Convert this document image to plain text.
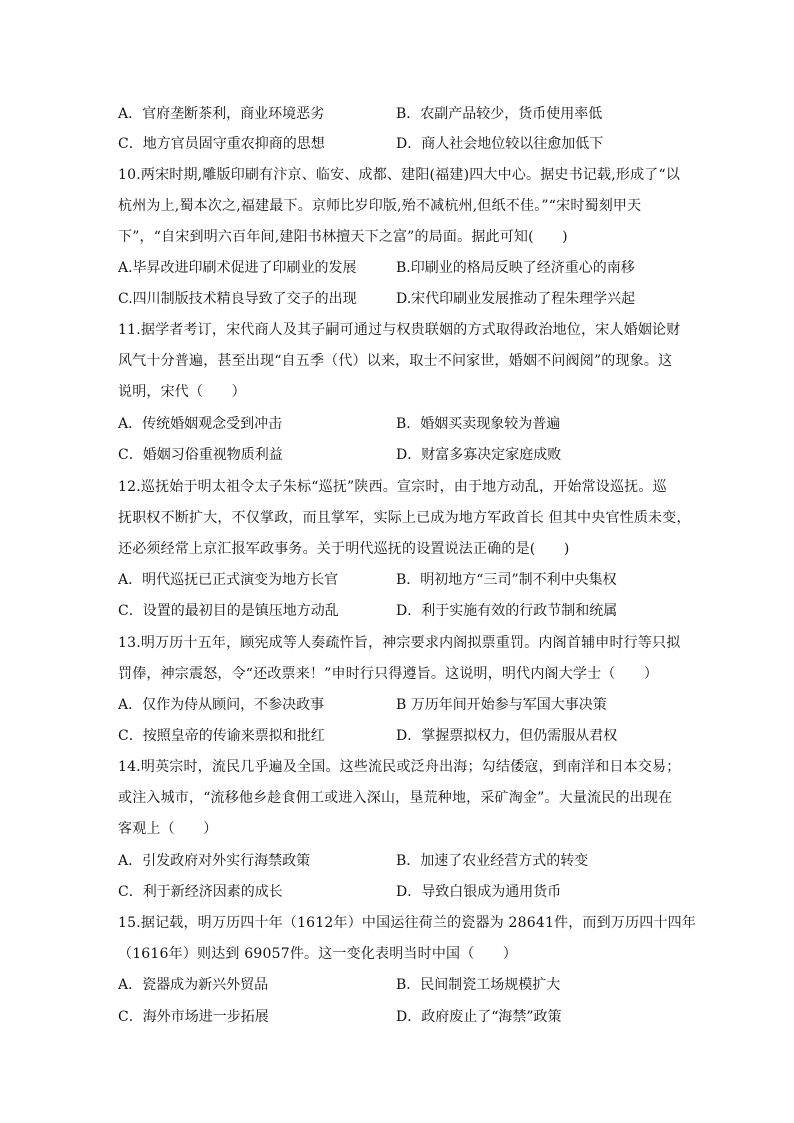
A．官府垄断茶利，商业环境恶劣	B．农副产品较少，货币使用率低
C．地方官员固守重农抑商的思想	D．商人社会地位较以往愈加低下
10.两宋时期,雕版印刷有汴京、临安、成都、建阳(福建)四大中心。据史书记载,形成了“以
杭州为上,蜀本次之,福建最下。京师比岁印版,殆不减杭州,但纸不佳。”“宋时蜀刻甲天
下”，“自宋到明六百年间,建阳书林擅天下之富”的局面。据此可知(　　)
A.毕昇改进印刷术促进了印刷业的发展	B.印刷业的格局反映了经济重心的南移
C.四川制版技术精良导致了交子的出现	D.宋代印刷业发展推动了程朱理学兴起
11.据学者考订，宋代商人及其子嗣可通过与权贵联姻的方式取得政治地位，宋人婚姻论财
风气十分普遍，甚至出现“自五季（代）以来，取士不问家世，婚姻不问阀阅”的现象。这
说明，宋代（　　）
A．传统婚姻观念受到冲击	B．婚姻买卖现象较为普遍
C．婚姻习俗重视物质利益	D．财富多寡决定家庭成败
12.巡抚始于明太祖令太子朱标“巡抚”陕西。宣宗时，由于地方动乱，开始常设巡抚。巡
抚职权不断扩大，不仅掌政，而且掌军，实际上已成为地方军政首长 但其中央官性质未变，
还必须经常上京汇报军政事务。关于明代巡抚的设置说法正确的是(　　)
A．明代巡抚已正式演变为地方长官	B．明初地方“三司”制不利中央集权
C．设置的最初目的是镇压地方动乱	D．利于实施有效的行政节制和统属
13.明万历十五年，顾宪成等人奏疏忤旨，神宗要求内阁拟票重罚。内阁首辅申时行等只拟
罚俸，神宗震怒，令“还改票来！”申时行只得遵旨。这说明，明代内阁大学士（　　）
A．仅作为侍从顾问，不参决政事	B 万历年间开始参与军国大事决策
C．按照皇帝的传谕来票拟和批红	D．掌握票拟权力，但仍需服从君权
14.明英宗时，流民几乎遍及全国。这些流民或泛舟出海；勾结倭寇，到南洋和日本交易；
或注入城市，“流移他乡趁食佣工或进入深山，垦荒种地，采矿淘金”。大量流民的出现在
客观上（　　）
A．引发政府对外实行海禁政策	B．加速了农业经营方式的转变
C．利于新经济因素的成长	D．导致白银成为通用货币
15.据记载，明万历四十年（1612年）中国运往荷兰的瓷器为 28641件，而到万历四十四年
（1616年）则达到 69057件。这一变化表明当时中国（　　）
A．瓷器成为新兴外贸品	B．民间制瓷工场规模扩大
C．海外市场进一步拓展	D．政府废止了“海禁”政策
